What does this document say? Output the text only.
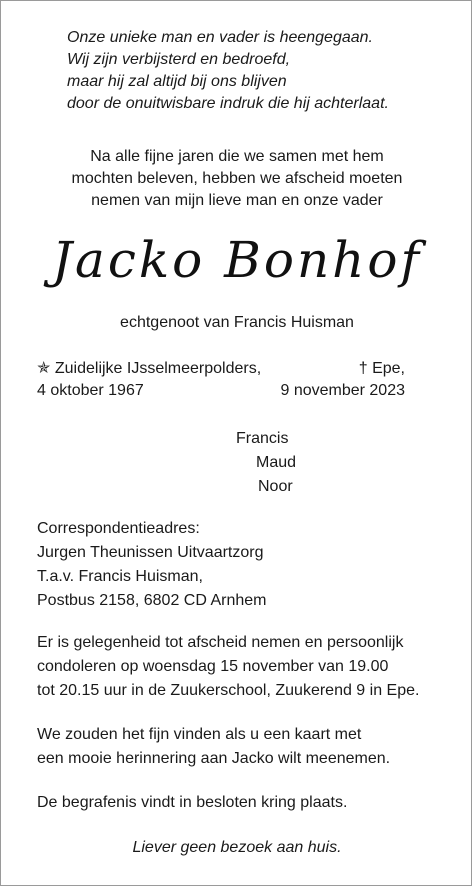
Onze unieke man en vader is heengegaan.
Wij zijn verbijsterd en bedroefd,
maar hij zal altijd bij ons blijven
door de onuitwisbare indruk die hij achterlaat.
Na alle fijne jaren die we samen met hem
mochten beleven, hebben we afscheid moeten
nemen van mijn lieve man en onze vader
Jacko Bonhof
echtgenoot van Francis Huisman
✯ Zuidelijke IJsselmeerpolders,
4 oktober 1967
† Epe,
9 november 2023
Francis
Maud
Noor
Correspondentieadres:
Jurgen Theunissen Uitvaartzorg
T.a.v. Francis Huisman,
Postbus 2158, 6802 CD Arnhem
Er is gelegenheid tot afscheid nemen en persoonlijk
condoleren op woensdag 15 november van 19.00
tot 20.15 uur in de Zuukerschool, Zuukerend 9 in Epe.
We zouden het fijn vinden als u een kaart met
een mooie herinnering aan Jacko wilt meenemen.
De begrafenis vindt in besloten kring plaats.
Liever geen bezoek aan huis.
